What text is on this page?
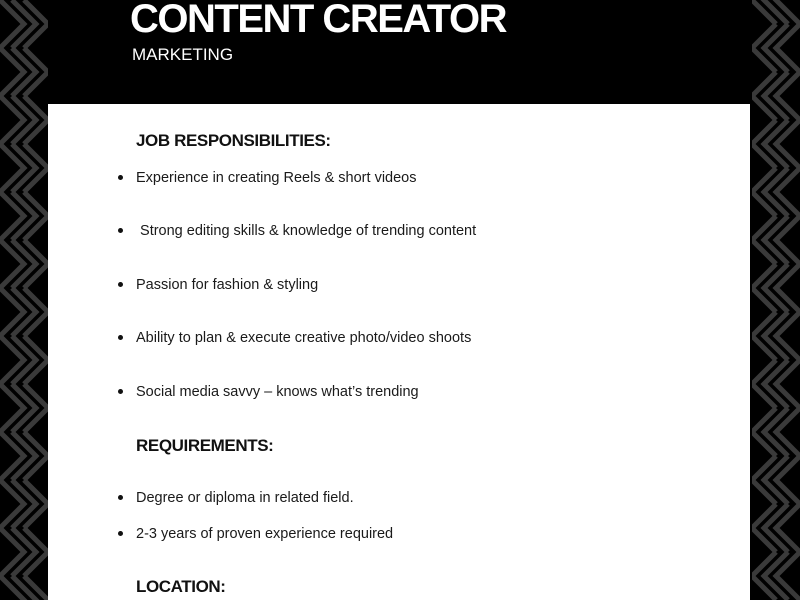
CONTENT CREATOR
MARKETING
JOB RESPONSIBILITIES:
Experience in creating Reels & short videos
Strong editing skills & knowledge of trending content
Passion for fashion & styling
Ability to plan & execute creative photo/video shoots
Social media savvy – knows what’s trending
REQUIREMENTS:
Degree or diploma in related field.
2-3 years of proven experience required
LOCATION:
